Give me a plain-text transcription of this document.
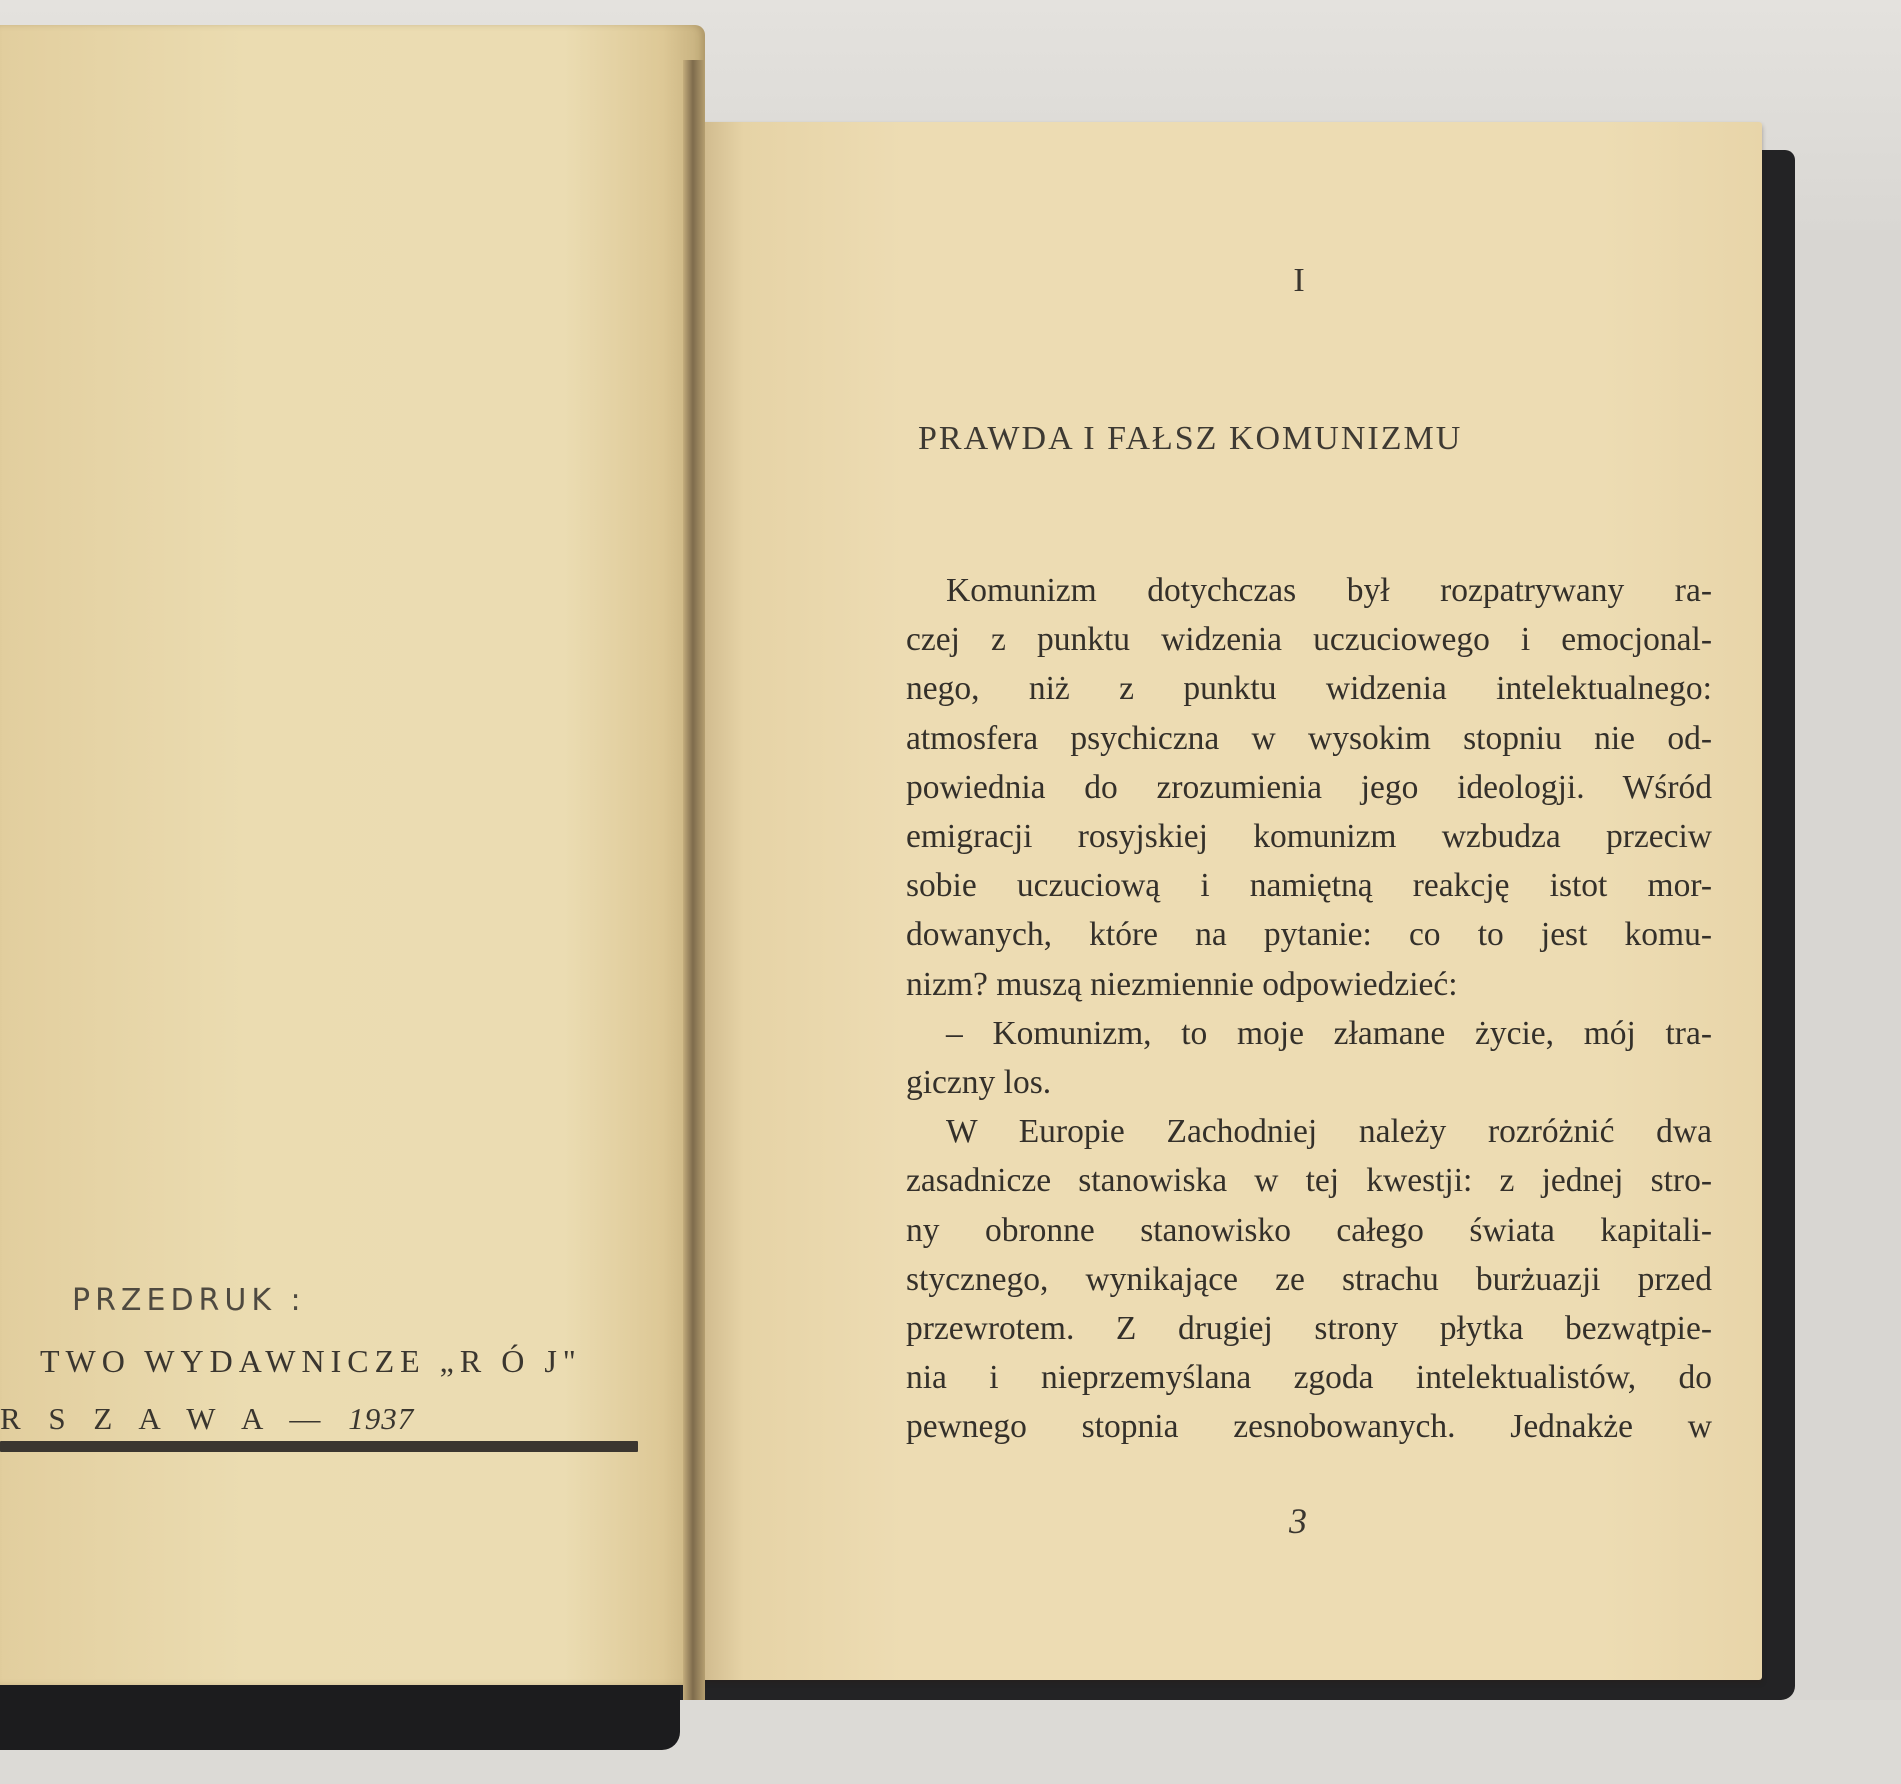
PRZEDRUK :
TWO WYDAWNICZE „R Ó J"
R S Z A W A — 1937
I
PRAWDA I FAŁSZ KOMUNIZMU
Komunizm dotychczas był rozpatrywany ra-
czej z punktu widzenia uczuciowego i emocjonal-
nego, niż z punktu widzenia intelektualnego:
atmosfera psychiczna w wysokim stopniu nie od-
powiednia do zrozumienia jego ideologji. Wśród
emigracji rosyjskiej komunizm wzbudza przeciw
sobie uczuciową i namiętną reakcję istot mor-
dowanych, które na pytanie: co to jest komu-
nizm? muszą niezmiennie odpowiedzieć:
– Komunizm, to moje złamane życie, mój tra-
giczny los.
W Europie Zachodniej należy rozróżnić dwa
zasadnicze stanowiska w tej kwestji: z jednej stro-
ny obronne stanowisko całego świata kapitali-
stycznego, wynikające ze strachu burżuazji przed
przewrotem. Z drugiej strony płytka bezwątpie-
nia i nieprzemyślana zgoda intelektualistów, do
pewnego stopnia zesnobowanych. Jednakże w
3
